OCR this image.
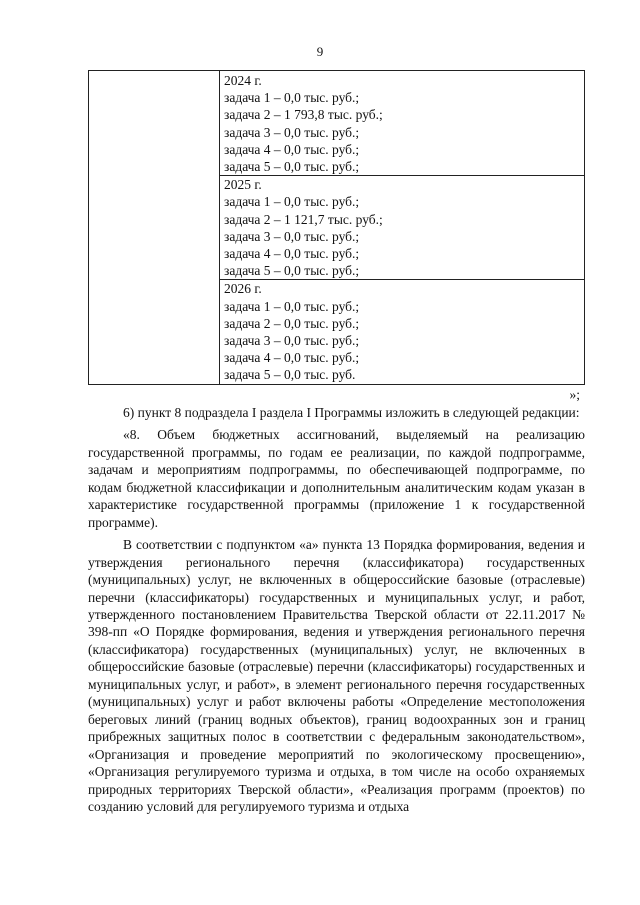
9
2024 г.
задача 1 – 0,0 тыс. руб.;
задача 2 – 1 793,8 тыс. руб.;
задача 3 – 0,0 тыс. руб.;
задача 4 – 0,0 тыс. руб.;
задача 5 – 0,0 тыс. руб.;
2025 г.
задача 1 – 0,0 тыс. руб.;
задача 2 – 1 121,7 тыс. руб.;
задача 3 – 0,0 тыс. руб.;
задача 4 – 0,0 тыс. руб.;
задача 5 – 0,0 тыс. руб.;
2026 г.
задача 1 – 0,0 тыс. руб.;
задача 2 – 0,0 тыс. руб.;
задача 3 – 0,0 тыс. руб.;
задача 4 – 0,0 тыс. руб.;
задача 5 – 0,0 тыс. руб.
»;

6) пункт 8 подраздела I раздела I Программы изложить в следующей редакции:

«8. Объем бюджетных ассигнований, выделяемый на реализацию государственной программы, по годам ее реализации, по каждой подпрограмме, задачам и мероприятиям подпрограммы, по обеспечивающей подпрограмме, по кодам бюджетной классификации и дополнительным аналитическим кодам указан в характеристике государственной программы (приложение 1 к государственной программе).

В соответствии с подпунктом «а» пункта 13 Порядка формирования, ведения и утверждения регионального перечня (классификатора) государственных (муниципальных) услуг, не включенных в общероссийские базовые (отраслевые) перечни (классификаторы) государственных и муниципальных услуг, и работ, утвержденного постановлением Правительства Тверской области от 22.11.2017 № 398-пп «О Порядке формирования, ведения и утверждения регионального перечня (классификатора) государственных (муниципальных) услуг, не включенных в общероссийские базовые (отраслевые) перечни (классификаторы) государственных и муниципальных услуг, и работ», в элемент регионального перечня государственных (муниципальных) услуг и работ включены работы «Определение местоположения береговых линий (границ водных объектов), границ водоохранных зон и границ прибрежных защитных полос в соответствии с федеральным законодательством», «Организация и проведение мероприятий по экологическому просвещению», «Организация регулируемого туризма и отдыха, в том числе на особо охраняемых природных территориях Тверской области», «Реализация программ (проектов) по созданию условий для регулируемого туризма и отдыха
